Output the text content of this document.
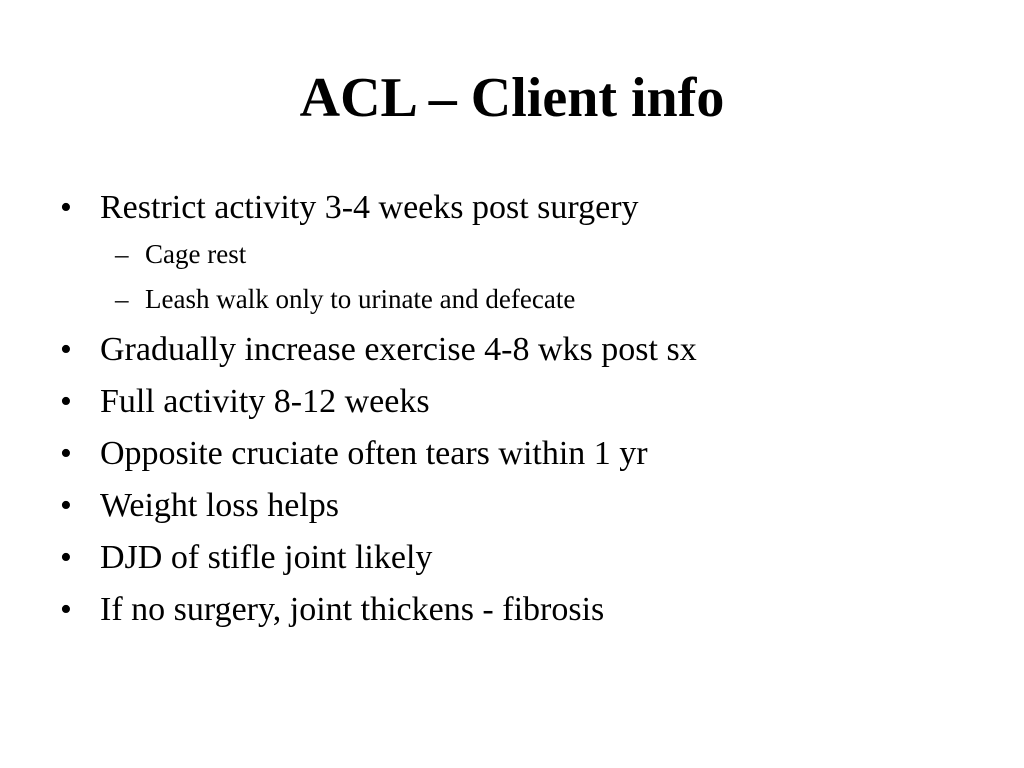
ACL – Client info
• Restrict activity 3-4 weeks post surgery
– Cage rest
– Leash walk only to urinate and defecate
• Gradually increase exercise 4-8 wks post sx
• Full activity 8-12 weeks
• Opposite cruciate often tears within 1 yr
• Weight loss helps
• DJD of stifle joint likely
• If no surgery, joint thickens - fibrosis
